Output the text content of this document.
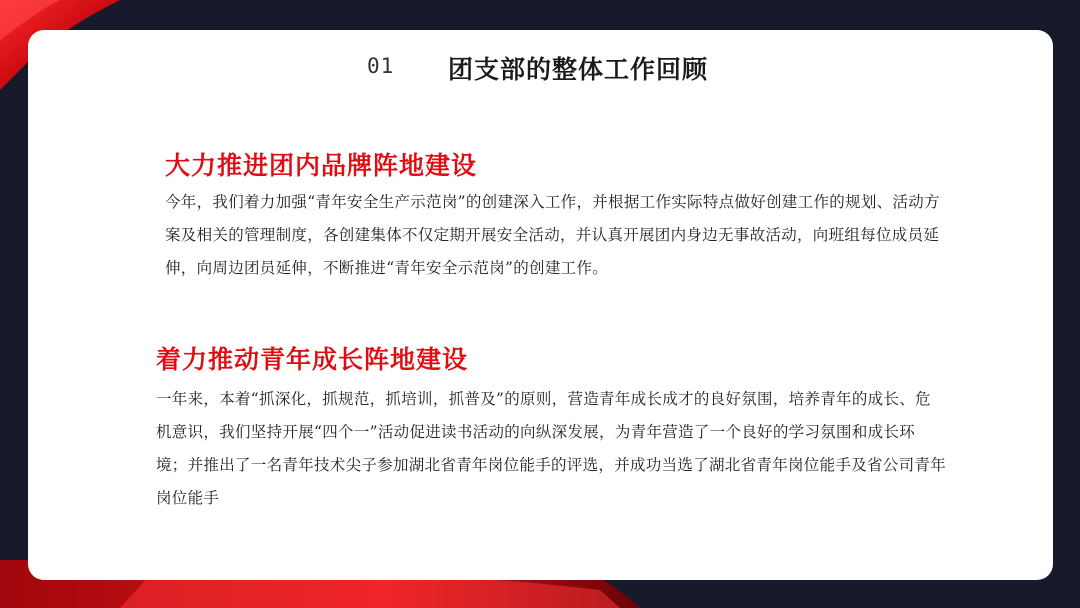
01 团支部的整体工作回顾
大力推进团内品牌阵地建设

今年，我们着力加强“青年安全生产示范岗”的创建深入工作，并根据工作实际特点做好创建工作的规划、活动方案及相关的管理制度，各创建集体不仅定期开展安全活动，并认真开展团内身边无事故活动，向班组每位成员延伸，向周边团员延伸，不断推进“青年安全示范岗”的创建工作。

着力推动青年成长阵地建设

一年来，本着“抓深化，抓规范，抓培训，抓普及”的原则，营造青年成长成才的良好氛围，培养青年的成长、危机意识，我们坚持开展“四个一”活动促进读书活动的向纵深发展，为青年营造了一个良好的学习氛围和成长环境；并推出了一名青年技术尖子参加湖北省青年岗位能手的评选，并成功当选了湖北省青年岗位能手及省公司青年岗位能手
